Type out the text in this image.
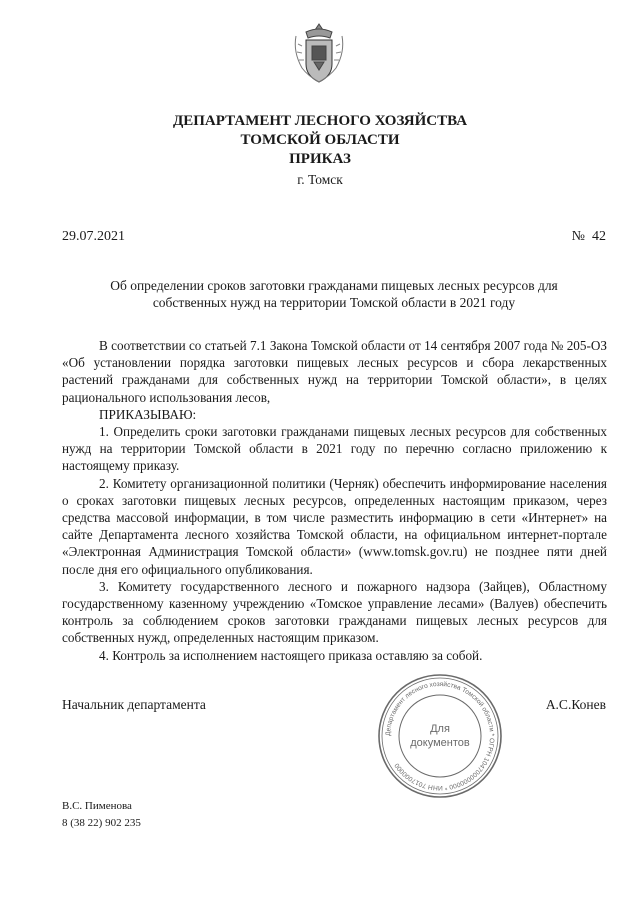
ДЕПАРТАМЕНТ ЛЕСНОГО ХОЗЯЙСТВА
ТОМСКОЙ ОБЛАСТИ
ПРИКАЗ
г. Томск
29.07.2021	№  42
Об определении сроков заготовки гражданами пищевых лесных ресурсов для
собственных нужд на территории Томской области в 2021 году

В соответствии со статьей 7.1 Закона Томской области от 14 сентября 2007 года № 205-ОЗ «Об установлении порядка заготовки пищевых лесных ресурсов и сбора лекарственных растений гражданами для собственных нужд на территории Томской области», в целях рационального использования лесов,

ПРИКАЗЫВАЮ:

1. Определить сроки заготовки гражданами пищевых лесных ресурсов для собственных нужд на территории Томской области в 2021 году по перечню согласно приложению к настоящему приказу.

2. Комитету организационной политики (Черняк) обеспечить информирование населения о сроках заготовки пищевых лесных ресурсов, определенных настоящим приказом, через средства массовой информации, в том числе разместить информацию в сети «Интернет» на сайте Департамента лесного хозяйства Томской области, на официальном интернет-портале «Электронная Администрация Томской области» (www.tomsk.gov.ru) не позднее пяти дней после дня его официального опубликования.

3. Комитету государственного лесного и пожарного надзора (Зайцев), Областному государственному казенному учреждению «Томское управление лесами» (Валуев) обеспечить контроль за соблюдением сроков заготовки гражданами пищевых лесных ресурсов для собственных нужд, определенных настоящим приказом.

4. Контроль за исполнением настоящего приказа оставляю за собой.

Начальник департамента	А.С.Конев
Департамент лесного хозяйства Томской области * ОГРН 1047000000000 * ИНН 7017000000
Для
документов
В.С. Пименова
8 (38 22) 902 235
